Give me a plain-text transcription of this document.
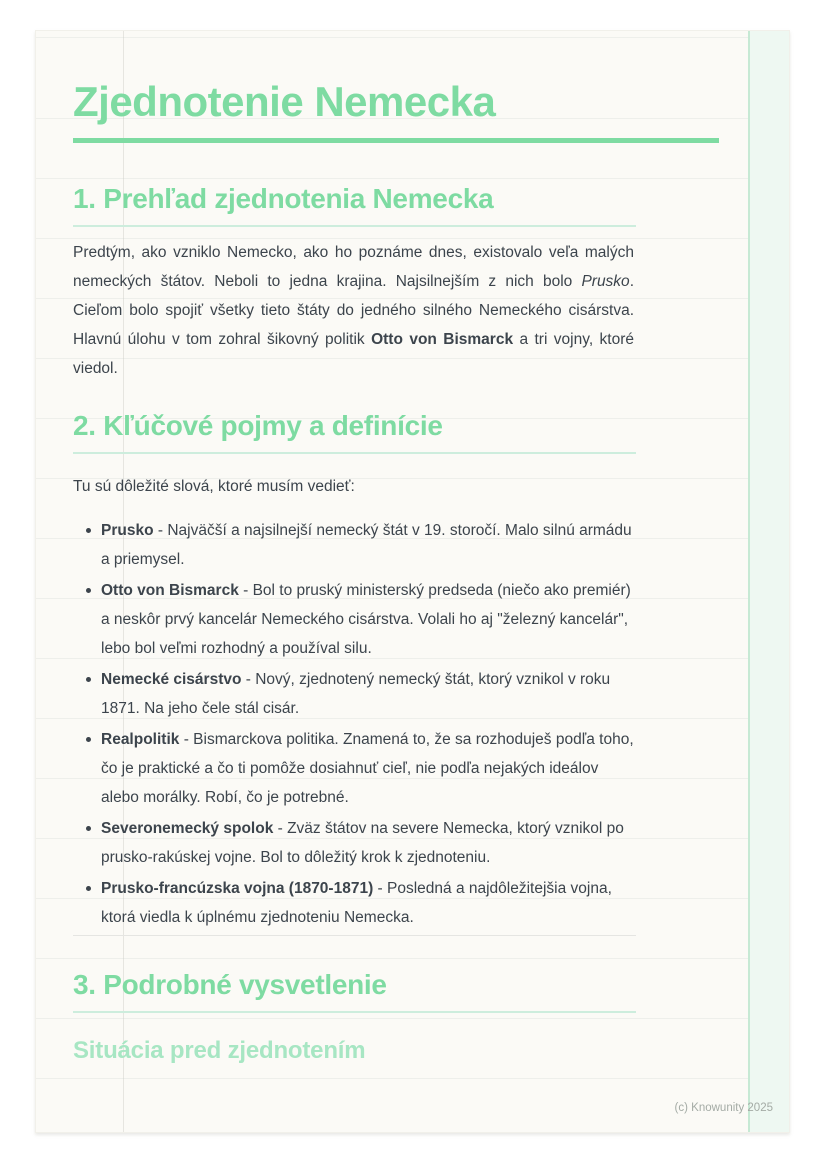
Zjednotenie Nemecka
1. Prehľad zjednotenia Nemecka

Predtým, ako vzniklo Nemecko, ako ho poznáme dnes, existovalo veľa malých nemeckých štátov. Neboli to jedna krajina. Najsilnejším z nich bolo Prusko. Cieľom bolo spojiť všetky tieto štáty do jedného silného Nemeckého cisárstva. Hlavnú úlohu v tom zohral šikovný politik Otto von Bismarck a tri vojny, ktoré viedol.

2. Kľúčové pojmy a definície

Tu sú dôležité slová, ktoré musím vedieť:

Prusko - Najväčší a najsilnejší nemecký štát v 19. storočí. Malo silnú armádu a priemysel.
Otto von Bismarck - Bol to pruský ministerský predseda (niečo ako premiér) a neskôr prvý kancelár Nemeckého cisárstva. Volali ho aj "železný kancelár", lebo bol veľmi rozhodný a používal silu.
Nemecké cisárstvo - Nový, zjednotený nemecký štát, ktorý vznikol v roku 1871. Na jeho čele stál cisár.
Realpolitik - Bismarckova politika. Znamená to, že sa rozhoduješ podľa toho, čo je praktické a čo ti pomôže dosiahnuť cieľ, nie podľa nejakých ideálov alebo morálky. Robí, čo je potrebné.
Severonemecký spolok - Zväz štátov na severe Nemecka, ktorý vznikol po prusko-rakúskej vojne. Bol to dôležitý krok k zjednoteniu.
Prusko-francúzska vojna (1870-1871) - Posledná a najdôležitejšia vojna, ktorá viedla k úplnému zjednoteniu Nemecka.
3. Podrobné vysvetlenie
Situácia pred zjednotením
(c) Knowunity 2025
